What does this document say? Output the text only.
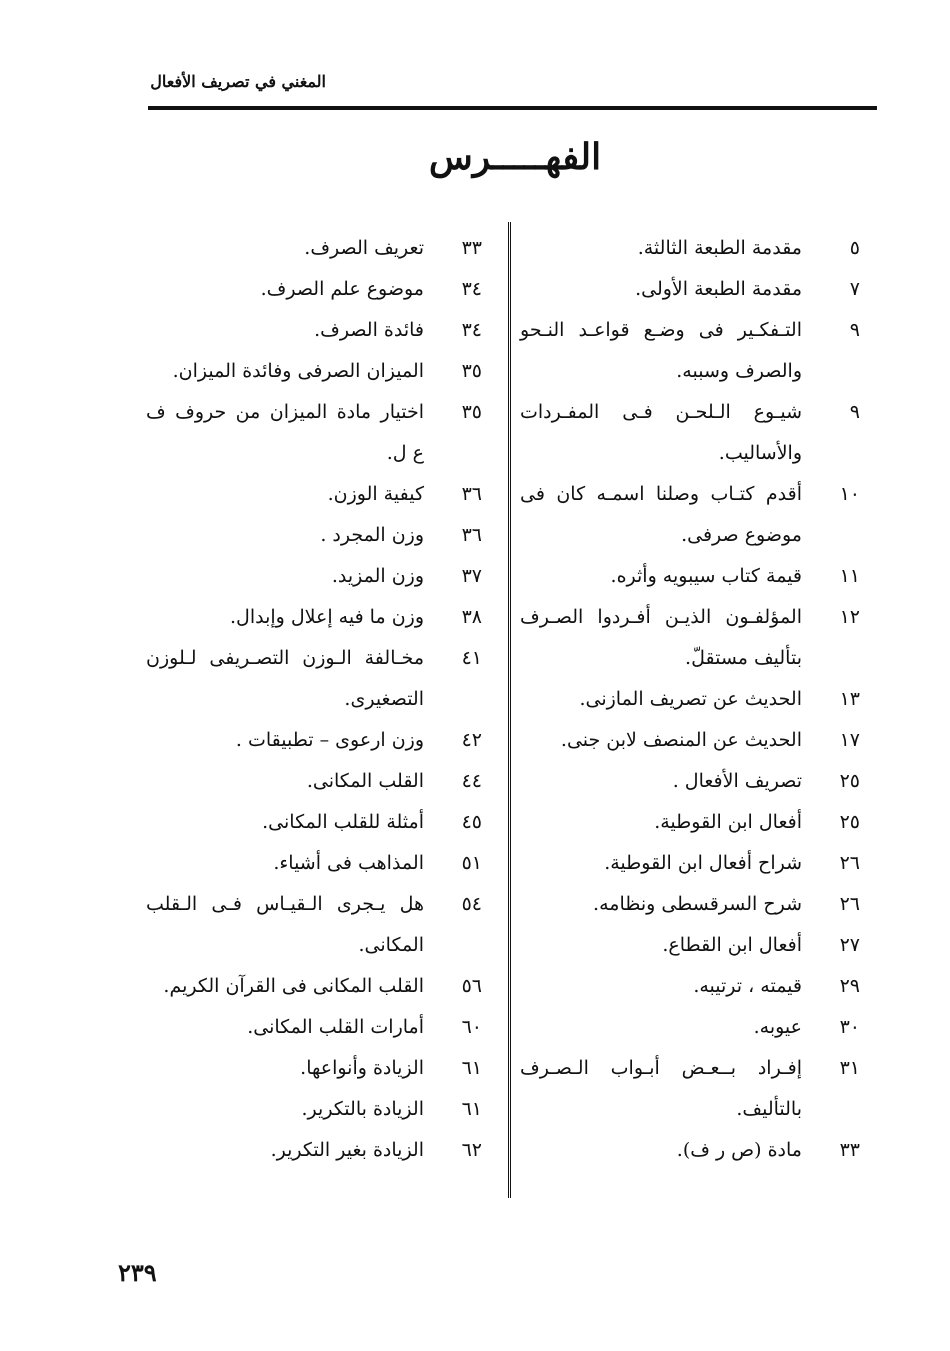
المغني في تصريف الأفعال
الفهـــــرس
٥
مقدمة الطبعة الثالثة.
٧
مقدمة الطبعة الأولى.
٩
التـفكـير فى وضـع قواعـد النـحو والصرف وسببه.
٩
شيـوع الـلحـن فـى المفـردات والأساليب.
١٠
أقدم كتـاب وصلنا اسمـه كان فى موضوع صرفى.
١١
قيمة كتاب سيبويه وأثره.
١٢
المؤلفـون الذيـن أفـردوا الصـرف بتأليف مستقلّ.
١٣
الحديث عن تصريف المازنى.
١٧
الحديث عن المنصف لابن جنى.
٢٥
تصريف الأفعال .
٢٥
أفعال ابن القوطية.
٢٦
شراح أفعال ابن القوطية.
٢٦
شرح السرقسطى ونظامه.
٢٧
أفعال ابن القطاع.
٢٩
قيمته ، ترتيبه.
٣٠
عيوبه.
٣١
إفـراد بــعـض أبـواب الـصـرف بالتأليف.
٣٣
مادة (ص ر ف).
٣٣
تعريف الصرف.
٣٤
موضوع علم الصرف.
٣٤
فائدة الصرف.
٣٥
الميزان الصرفى وفائدة الميزان.
٣٥
اختيار مادة الميزان من حروف ف ع ل.
٣٦
كيفية الوزن.
٣٦
وزن المجرد .
٣٧
وزن المزيد.
٣٨
وزن ما فيه إعلال وإبدال.
٤١
مخـالفة الـوزن التصـريفى لـلوزن التصغيرى.
٤٢
وزن ارعوى – تطبيقات .
٤٤
القلب المكانى.
٤٥
أمثلة للقلب المكانى.
٥١
المذاهب فى أشياء.
٥٤
هل يـجرى الـقيـاس فـى الـقلب المكانى.
٥٦
القلب المكانى فى القرآن الكريم.
٦٠
أمارات القلب المكانى.
٦١
الزيادة وأنواعها.
٦١
الزيادة بالتكرير.
٦٢
الزيادة بغير التكرير.
٢٣٩
